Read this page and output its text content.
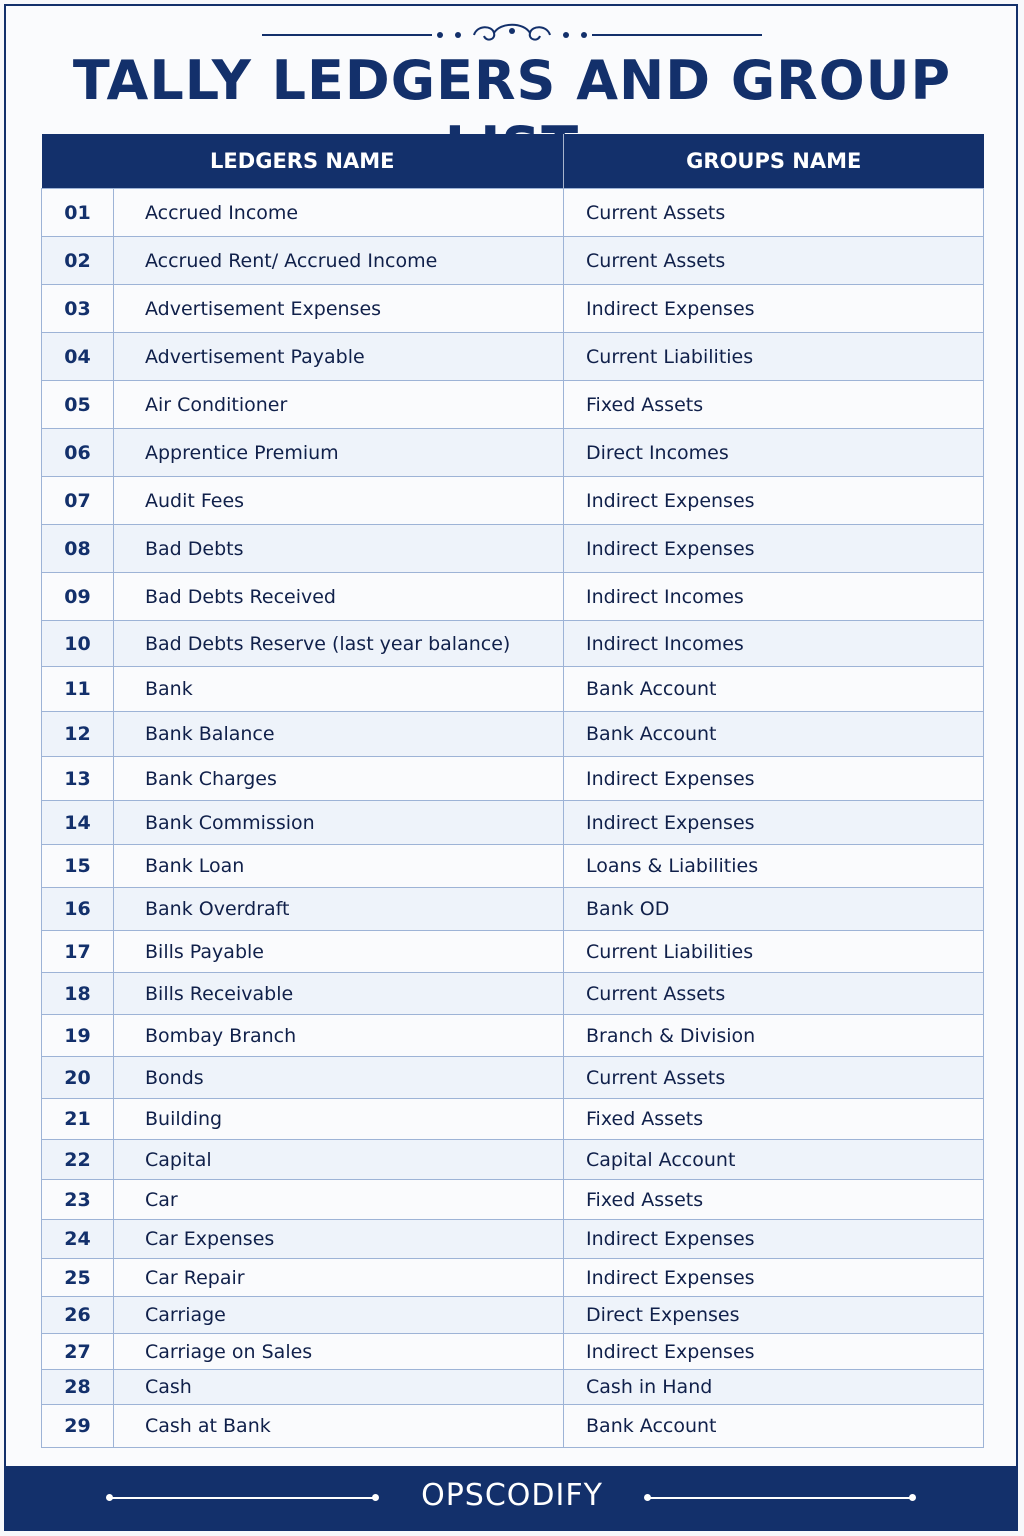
TALLY LEDGERS AND GROUP
LEDGERS NAME		GROUPS NAME
01	Accrued Income	Current Assets
02	Accrued Rent/ Accrued Income	Current Assets
03	Advertisement Expenses	Indirect Expenses
04	Advertisement Payable	Current Liabilities
05	Air Conditioner	Fixed Assets
06	Apprentice Premium	Direct Incomes
07	Audit Fees	Indirect Expenses
08	Bad Debts	Indirect Expenses
09	Bad Debts Received	Indirect Incomes
10	Bad Debts Reserve (last year balance)	Indirect Incomes
11	Bank	Bank Account
12	Bank Balance	Bank Account
13	Bank Charges	Indirect Expenses
14	Bank Commission	Indirect Expenses
15	Bank Loan	Loans & Liabilities
16	Bank Overdraft	Bank OD
17	Bills Payable	Current Liabilities
18	Bills Receivable	Current Assets
19	Bombay Branch	Branch & Division
20	Bonds	Current Assets
21	Building	Fixed Assets
22	Capital	Capital Account
23	Car	Fixed Assets
24	Car Expenses	Indirect Expenses
25	Car Repair	Indirect Expenses
26	Carriage	Direct Expenses
27	Carriage on Sales	Indirect Expenses
28	Cash	Cash in Hand
29	Cash at Bank	Bank Account
OPSCODIFY
